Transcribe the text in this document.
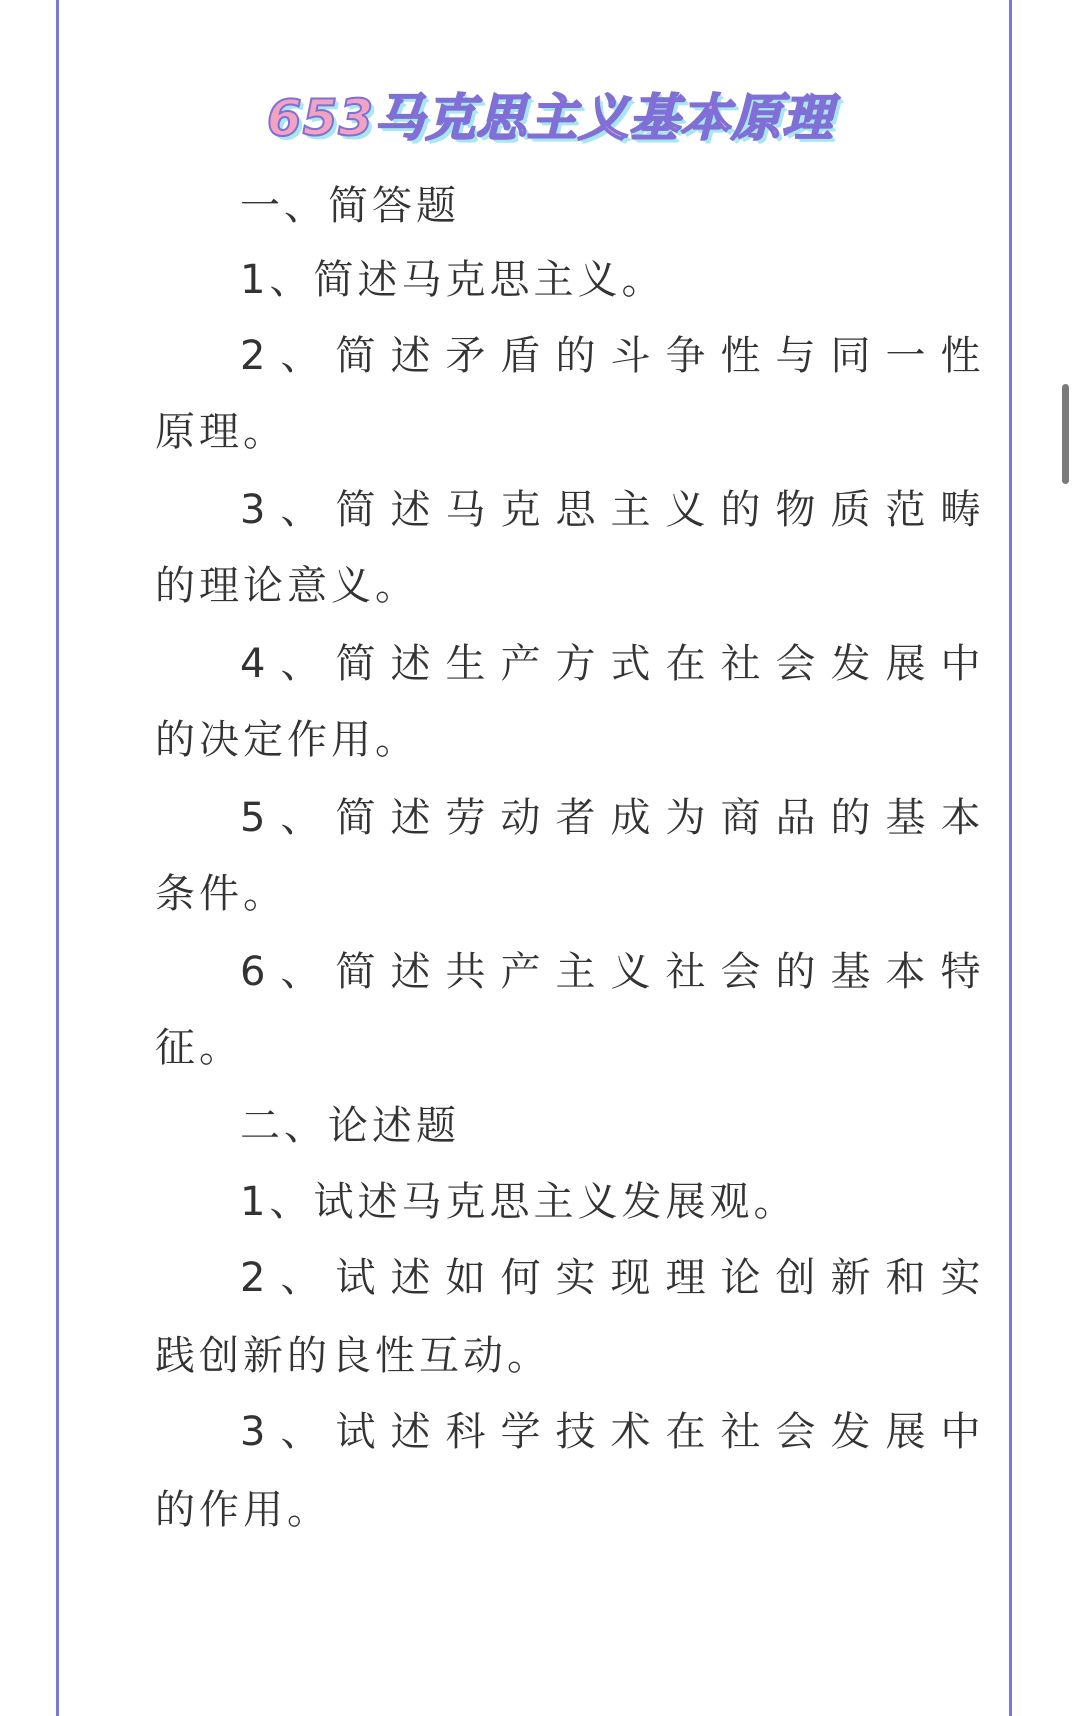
653马克思主义基本原理
一、简答题
1、简述马克思主义。
2、简述矛盾的斗争性与同一性
原理。
3、简述马克思主义的物质范畴
的理论意义。
4、简述生产方式在社会发展中
的决定作用。
5、简述劳动者成为商品的基本
条件。
6、简述共产主义社会的基本特
征。
二、论述题
1、试述马克思主义发展观。
2、试述如何实现理论创新和实
践创新的良性互动。
3、试述科学技术在社会发展中
的作用。
